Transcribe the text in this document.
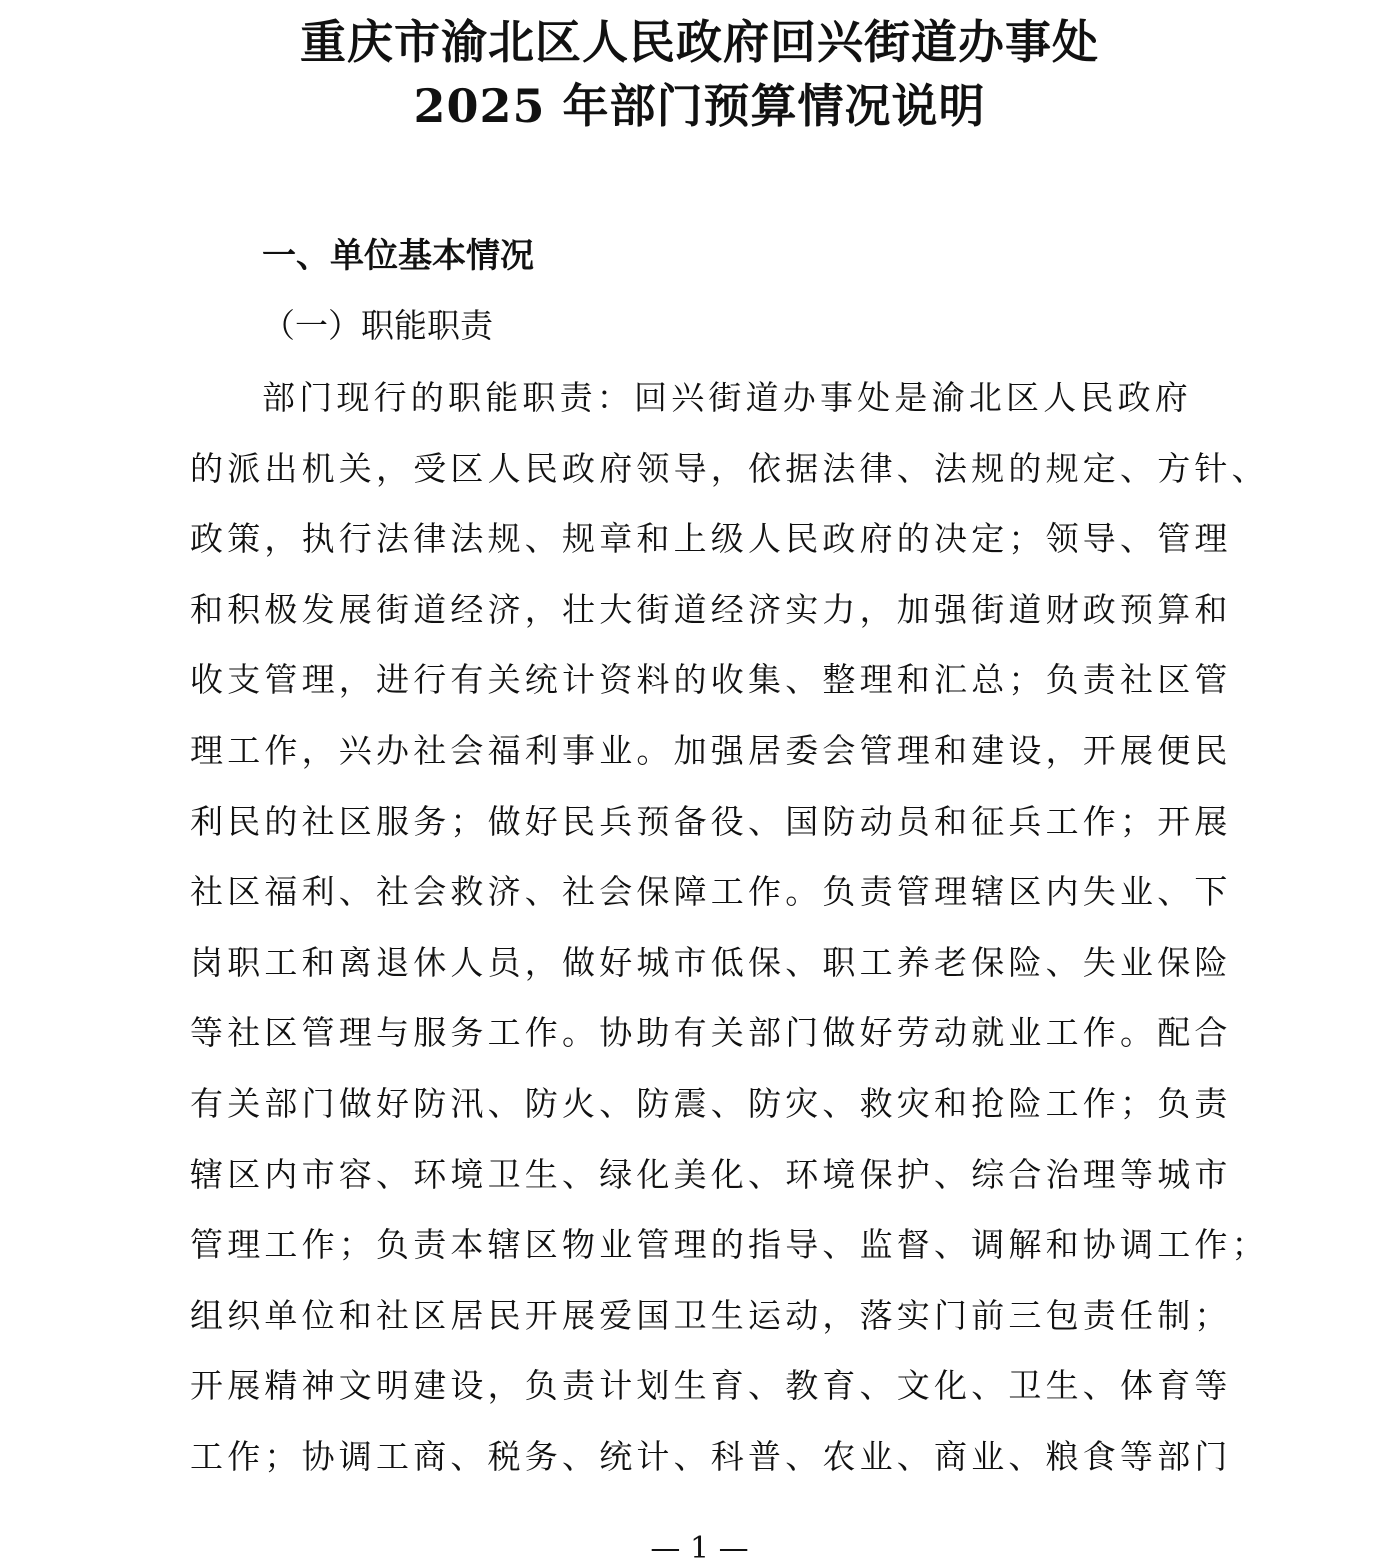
重庆市渝北区人民政府回兴街道办事处
2025 年部门预算情况说明
一、单位基本情况
（一）职能职责
部门现行的职能职责：回兴街道办事处是渝北区人民政府
的派出机关，受区人民政府领导，依据法律、法规的规定、方针、
政策，执行法律法规、规章和上级人民政府的决定；领导、管理
和积极发展街道经济，壮大街道经济实力，加强街道财政预算和
收支管理，进行有关统计资料的收集、整理和汇总；负责社区管
理工作，兴办社会福利事业。加强居委会管理和建设，开展便民
利民的社区服务；做好民兵预备役、国防动员和征兵工作；开展
社区福利、社会救济、社会保障工作。负责管理辖区内失业、下
岗职工和离退休人员，做好城市低保、职工养老保险、失业保险
等社区管理与服务工作。协助有关部门做好劳动就业工作。配合
有关部门做好防汛、防火、防震、防灾、救灾和抢险工作；负责
辖区内市容、环境卫生、绿化美化、环境保护、综合治理等城市
管理工作；负责本辖区物业管理的指导、监督、调解和协调工作；
组织单位和社区居民开展爱国卫生运动，落实门前三包责任制；
开展精神文明建设，负责计划生育、教育、文化、卫生、体育等
工作；协调工商、税务、统计、科普、农业、商业、粮食等部门
— 1 —
